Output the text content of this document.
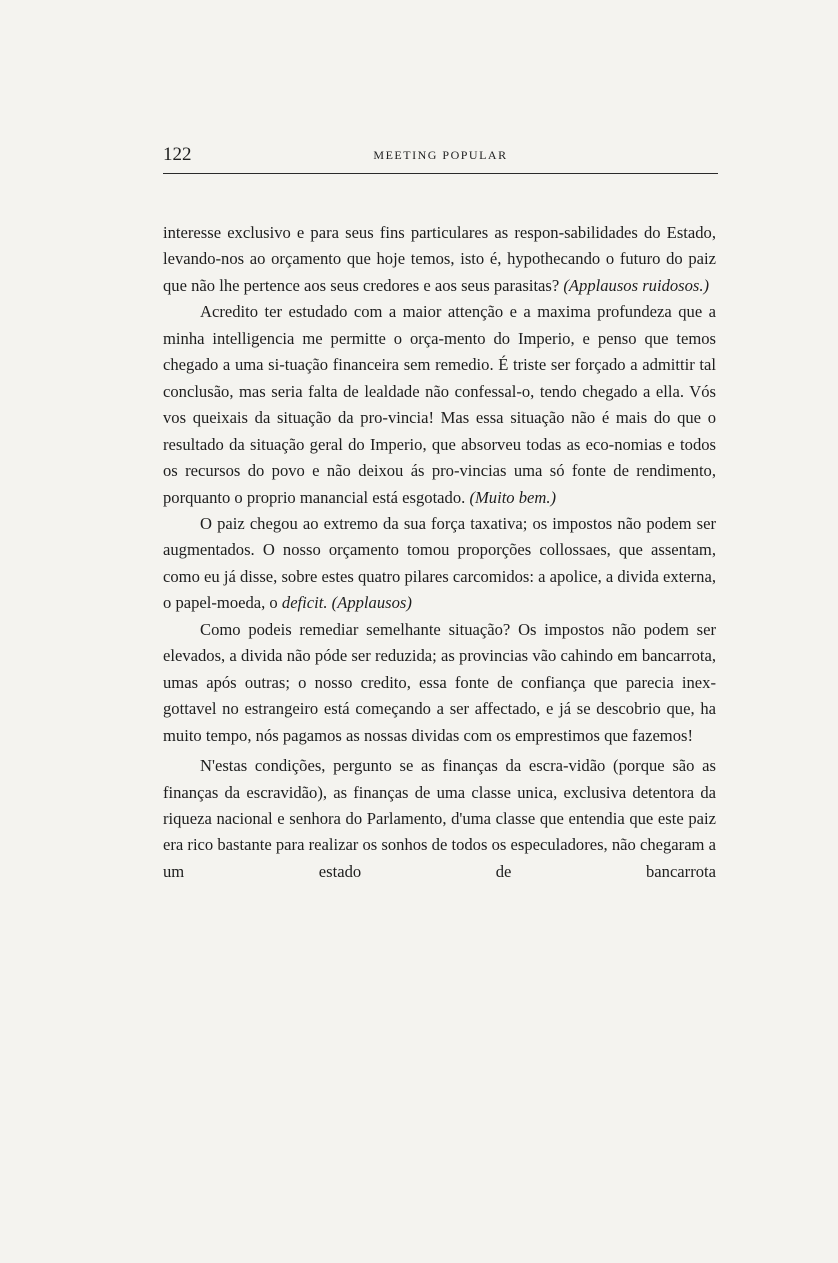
122	MEETING POPULAR

interesse exclusivo e para seus fins particulares as respon-sabilidades do Estado, levando-nos ao orçamento que hoje temos, isto é, hypothecando o futuro do paiz que não lhe pertence aos seus credores e aos seus parasitas? (Applausos ruidosos.)

Acredito ter estudado com a maior attenção e a maxima profundeza que a minha intelligencia me permitte o orça-mento do Imperio, e penso que temos chegado a uma si-tuação financeira sem remedio. É triste ser forçado a admittir tal conclusão, mas seria falta de lealdade não confessal-o, tendo chegado a ella. Vós vos queixais da situação da pro-vincia! Mas essa situação não é mais do que o resultado da situação geral do Imperio, que absorveu todas as eco-nomias e todos os recursos do povo e não deixou ás pro-vincias uma só fonte de rendimento, porquanto o proprio manancial está esgotado. (Muito bem.)

O paiz chegou ao extremo da sua força taxativa; os impostos não podem ser augmentados. O nosso orçamento tomou proporções collossaes, que assentam, como eu já disse, sobre estes quatro pilares carcomidos: a apolice, a divida externa, o papel-moeda, o deficit. (Applausos)

Como podeis remediar semelhante situação? Os impostos não podem ser elevados, a divida não póde ser reduzida; as provincias vão cahindo em bancarrota, umas após outras; o nosso credito, essa fonte de confiança que parecia inex-gottavel no estrangeiro está começando a ser affectado, e já se descobrio que, ha muito tempo, nós pagamos as nossas dividas com os emprestimos que fazemos!

N'estas condições, pergunto se as finanças da escra-vidão (porque são as finanças da escravidão), as finanças de uma classe unica, exclusiva detentora da riqueza nacional e senhora do Parlamento, d'uma classe que entendia que este paiz era rico bastante para realizar os sonhos de todos os especuladores, não chegaram a um estado de bancarrota
